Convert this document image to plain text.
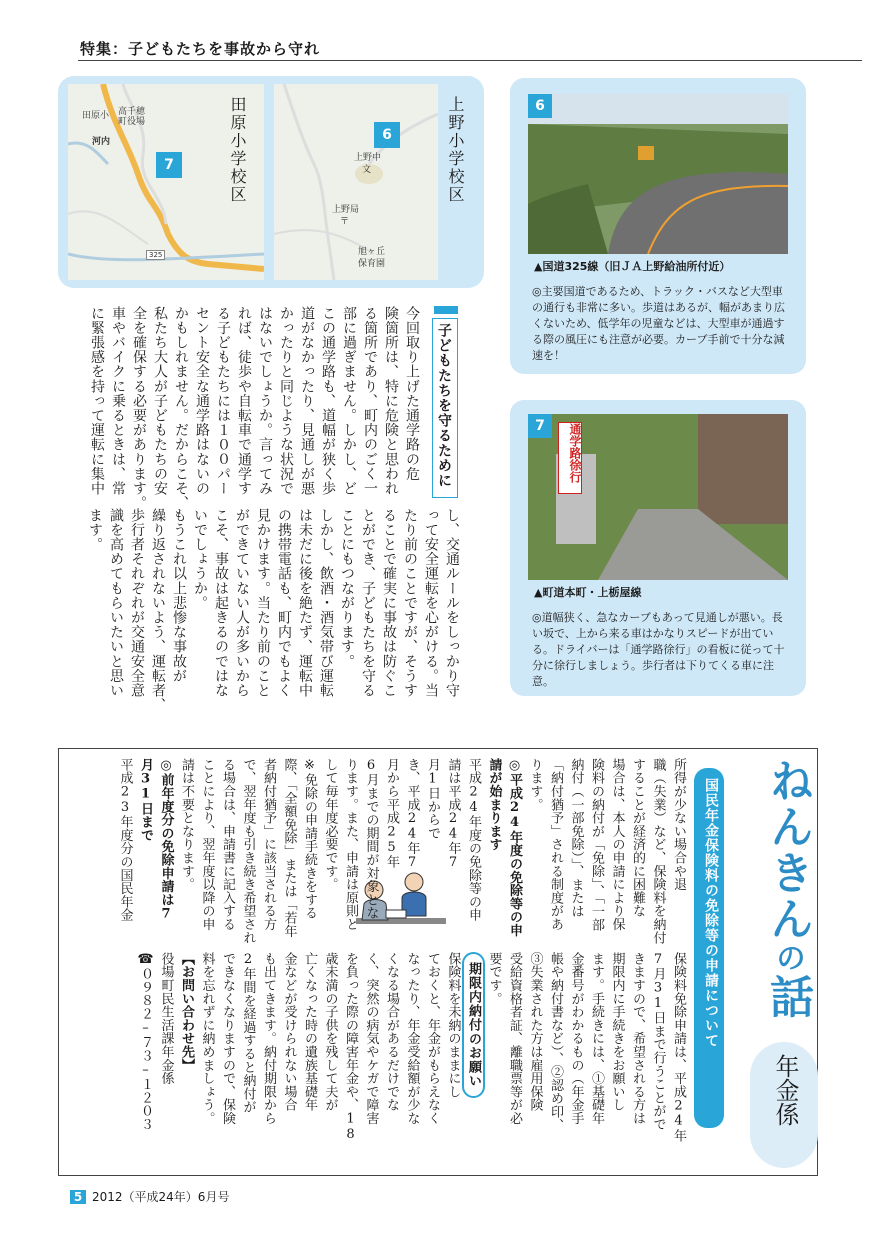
特集：子どもたちを事故から守れ
田原小 高千穂
町役場
河内
325
7	田原小学校区	6
上野中
文
上野局
〒
旭ヶ丘
保育園
上野小学校区	6
▲国道325線（旧ＪＡ上野給油所付近）
◎主要国道であるため、トラック・バスなど大型車の通行も非常に多い。歩道はあるが、幅があまり広くないため、低学年の児童などは、大型車が通過する際の風圧にも注意が必要。カーブ手前で十分な減速を！
7	通学路徐行
▲町道本町・上栃屋線
◎道幅狭く、急なカーブもあって見通しが悪い。長い坂で、上から来る車はかなりスピードが出ている。ドライバーは「通学路徐行」の看板に従って十分に徐行しましょう。歩行者は下りてくる車に注意。
子どもたちを守るために
今回取り上げた通学路の危
険箇所は、特に危険と思われ
る箇所であり、町内のごく一
部に過ぎません。しかし、ど
この通学路も、道幅が狭く歩
道がなかったり、見通しが悪
かったりと同じような状況で
はないでしょうか。言ってみ
れば、徒歩や自転車で通学す
る子どもたちには１００パー
セント安全な通学路はないの
かもしれません。だからこそ、
私たち大人が子どもたちの安
全を確保する必要があります。
車やバイクに乗るときは、常
に緊張感を持って運転に集中
し、交通ルールをしっかり守
って安全運転を心がける。当
たり前のことですが、そうす
ることで確実に事故は防ぐこ
とができ、子どもたちを守る
ことにもつながります。
しかし、飲酒・酒気帯び運転
は未だに後を絶たず、運転中
の携帯電話も、町内でもよく
見かけます。当たり前のこと
ができていない人が多いから
こそ、事故は起きるのではな
いでしょうか。
もうこれ以上悲惨な事故が
繰り返されないよう、運転者、
歩行者それぞれが交通安全意
識を高めてもらいたいと思い
ます。
ねんきんの話
年金係
国民年金保険料の免除等の申請について
所得が少ない場合や退
職（失業）など、保険料を納付
することが経済的に困難な
場合は、本人の申請により保
険料の納付が「免除」、「一部
納付（一部免除）」、または
「納付猶予」される制度があ
ります。
◎平成24年度の免除等の申
請が始まります
平成24年度の免除等の申
請は平成24年7
月1日からで
き、平成24年7
月から平成25年
6月までの期間が対象とな
ります。また、申請は原則と
して毎年度必要です。
※免除の申請手続きをする
際、「全額免除」または「若年
者納付猶予」に該当される方
で、翌年度も引き続き希望され
る場合は、申請書に記入する
ことにより、翌年度以降の申
請は不要となります。
◎前年度分の免除申請は7
月31日まで
平成23年度分の国民年金
保険料免除申請は、平成24年
7月31日まで行うことがで
きますので、希望される方は
期限内に手続きをお願いし
ます。手続きには、①基礎年
金番号がわかるもの（年金手
帳や納付書など）、②認め印、
③失業された方は雇用保険
受給資格者証、離職票等が必
要です。
期限内納付のお願い
保険料を未納のままにし
ておくと、年金がもらえなく
なったり、年金受給額が少な
くなる場合があるだけでな
く、突然の病気やケガで障害
を負った際の障害年金や、18
歳未満の子供を残して夫が
亡くなった時の遺族基礎年
金などが受けられない場合
も出てきます。納付期限から
2年間を経過すると納付が
できなくなりますので、保険
料を忘れずに納めましょう。
【お問い合わせ先】
役場町民生活課年金係
☎０９８２–７３–１２０３
5 2012（平成24年）6月号
